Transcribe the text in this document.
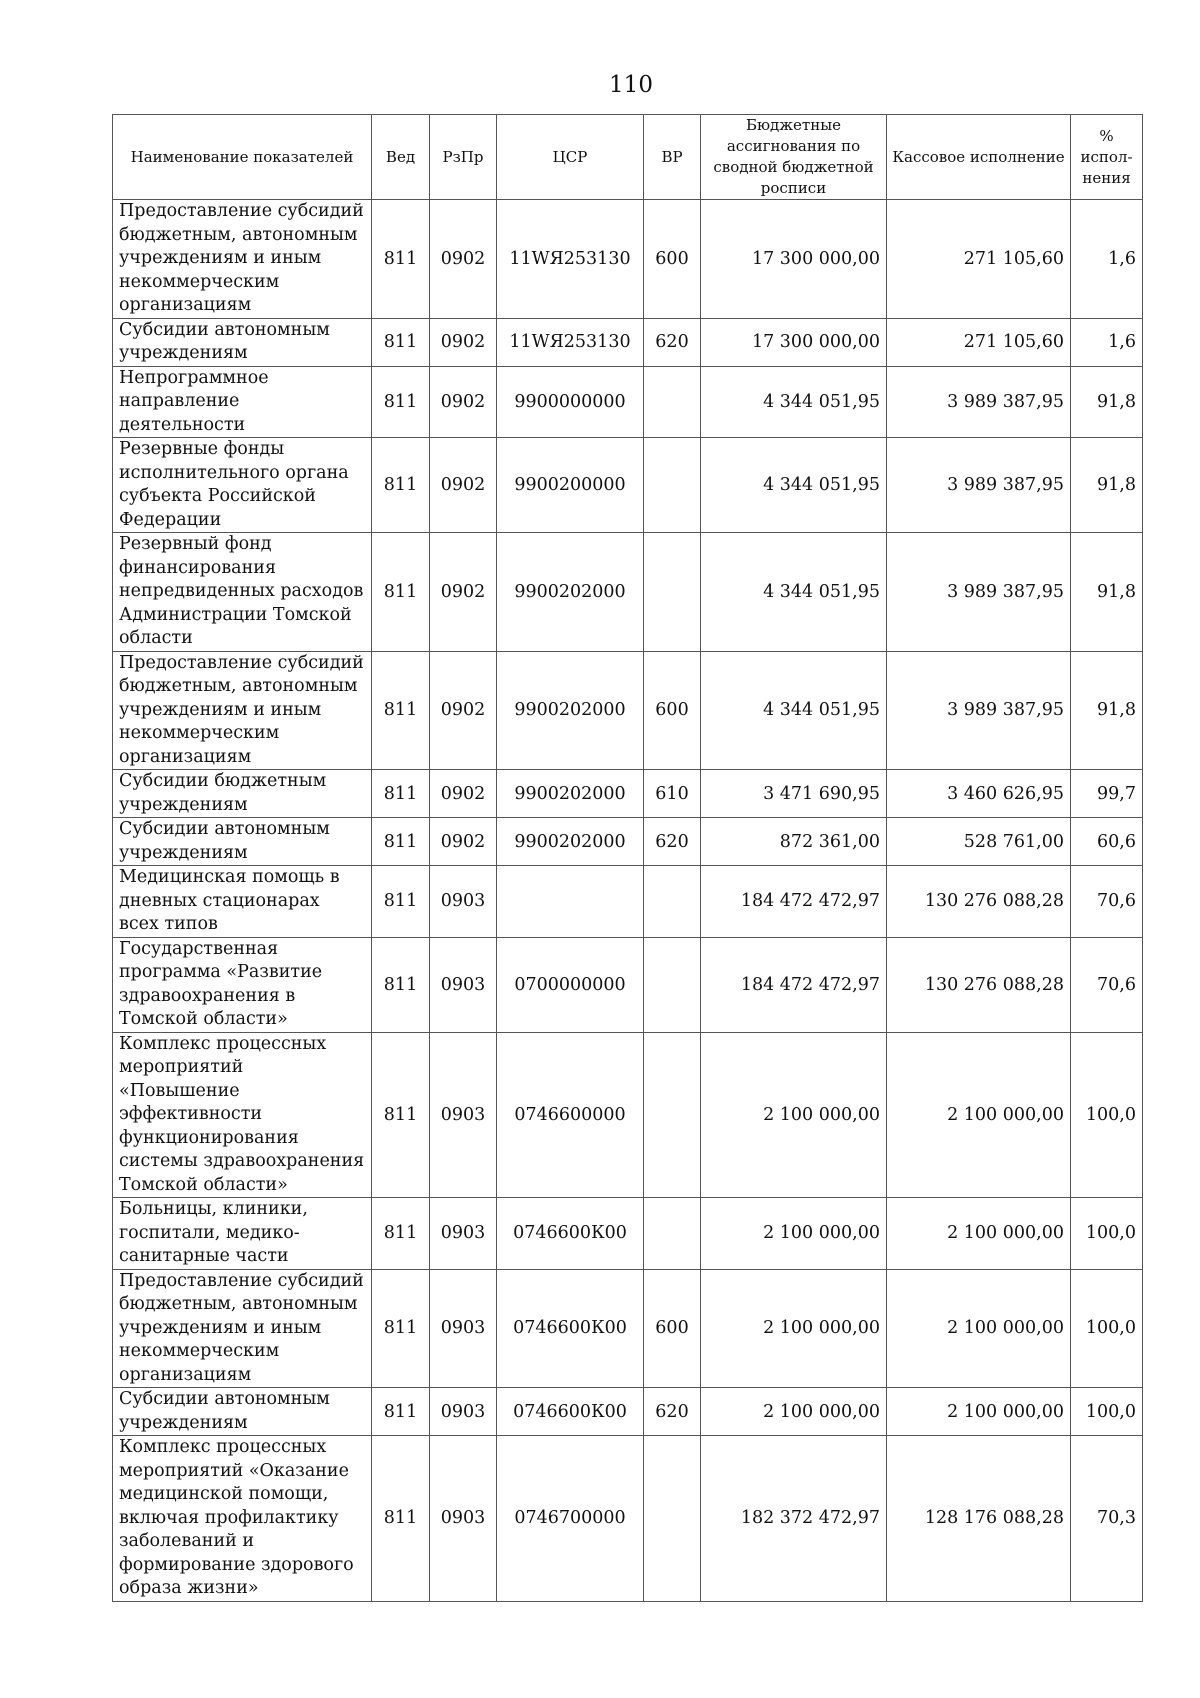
110
Наименование показателей	Вед	РзПр	ЦСР	ВР	Бюджетные ассигнования по сводной бюджетной росписи	Кассовое исполнение	% испол-нения
Предоставление субсидий бюджетным, автономным учреждениям и иным некоммерческим организациям	811	0902	11WЯ253130	600	17 300 000,00	271 105,60	1,6
Субсидии автономным учреждениям	811	0902	11WЯ253130	620	17 300 000,00	271 105,60	1,6
Непрограммное направление деятельности	811	0902	9900000000		4 344 051,95	3 989 387,95	91,8
Резервные фонды исполнительного органа субъекта Российской Федерации	811	0902	9900200000		4 344 051,95	3 989 387,95	91,8
Резервный фонд финансирования непредвиденных расходов Администрации Томской области	811	0902	9900202000		4 344 051,95	3 989 387,95	91,8
Предоставление субсидий бюджетным, автономным учреждениям и иным некоммерческим организациям	811	0902	9900202000	600	4 344 051,95	3 989 387,95	91,8
Субсидии бюджетным учреждениям	811	0902	9900202000	610	3 471 690,95	3 460 626,95	99,7
Субсидии автономным учреждениям	811	0902	9900202000	620	872 361,00	528 761,00	60,6
Медицинская помощь в дневных стационарах всех типов	811	0903			184 472 472,97	130 276 088,28	70,6
Государственная программа «Развитие здравоохранения в Томской области»	811	0903	0700000000		184 472 472,97	130 276 088,28	70,6
Комплекс процессных мероприятий «Повышение эффективности функционирования системы здравоохранения Томской области»	811	0903	0746600000		2 100 000,00	2 100 000,00	100,0
Больницы, клиники, госпитали, медико-санитарные части	811	0903	0746600К00		2 100 000,00	2 100 000,00	100,0
Предоставление субсидий бюджетным, автономным учреждениям и иным некоммерческим организациям	811	0903	0746600К00	600	2 100 000,00	2 100 000,00	100,0
Субсидии автономным учреждениям	811	0903	0746600К00	620	2 100 000,00	2 100 000,00	100,0
Комплекс процессных мероприятий «Оказание медицинской помощи, включая профилактику заболеваний и формирование здорового образа жизни»	811	0903	0746700000		182 372 472,97	128 176 088,28	70,3
